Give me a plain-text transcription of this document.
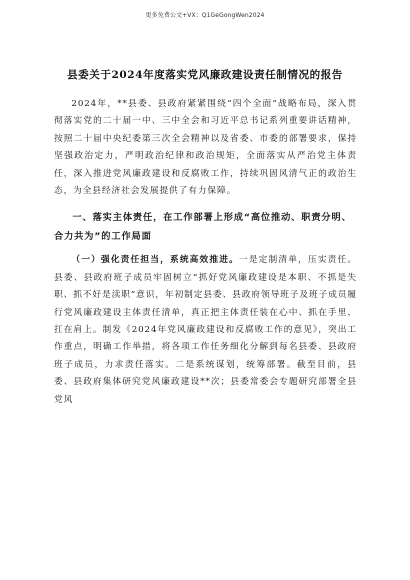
更多免费公文+VX：Q1GeGongWen2024
县委关于2024年度落实党风廉政建设责任制情况的报告

2024年，**县委、县政府紧紧围绕“四个全面”战略布局，深入贯彻落实党的二十届一中、三中全会和习近平总书记系列重要讲话精神，按照二十届中央纪委第三次全会精神以及省委、市委的部署要求，保持坚强政治定力，严明政治纪律和政治规矩，全面落实从严治党主体责任，深入推进党风廉政建设和反腐败工作，持续巩固风清气正的政治生态，为全县经济社会发展提供了有力保障。

一、落实主体责任，在工作部署上形成“高位推动、职责分明、合力共为”的工作局面

（一）强化责任担当，系统高效推进。一是定制清单，压实责任。县委、县政府班子成员牢固树立“抓好党风廉政建设是本职、不抓是失职、抓不好是渎职”意识，年初制定县委、县政府领导班子及班子成员履行党风廉政建设主体责任清单，真正把主体责任装在心中、抓在手里、扛在肩上。制发《2024年党风廉政建设和反腐败工作的意见》，突出工作重点，明确工作举措，将各项工作任务细化分解到每名县委、县政府班子成员，力求责任落实。二是系统谋划，统筹部署。截至目前，县委、县政府集体研究党风廉政建设**次；县委常委会专题研究部署全县党风
